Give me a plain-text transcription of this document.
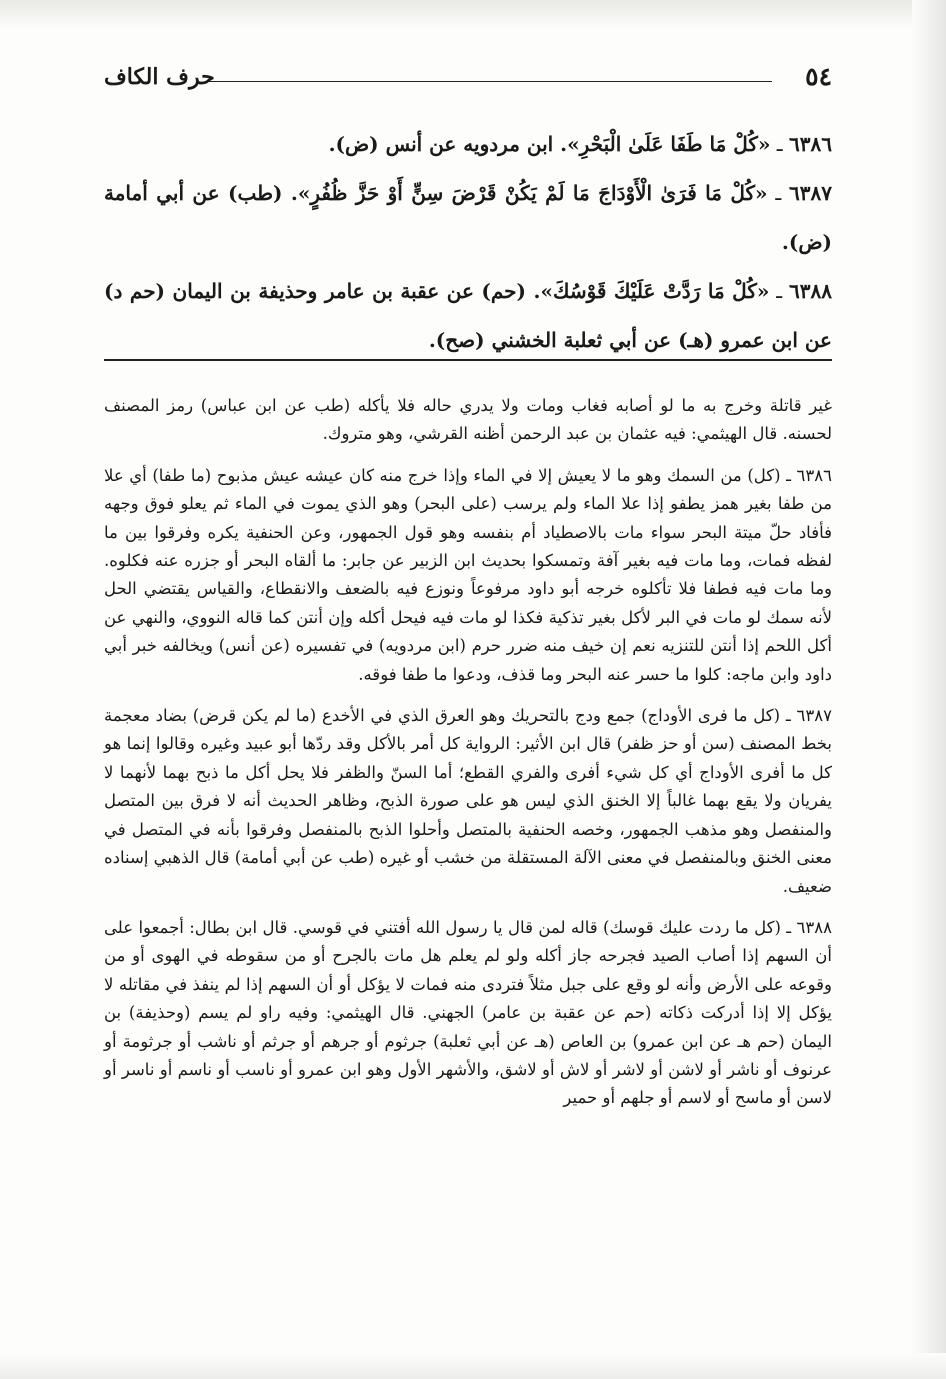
٥٤
حرف الكاف

٦٣٨٦ ـ «كُلْ مَا طَفَا عَلَىٰ الْبَحْرِ». ابن مردويه عن أنس (ض).

٦٣٨٧ ـ «كُلْ مَا فَرَىٰ الْأَوْدَاجَ مَا لَمْ يَكُنْ قَرْضَ سِنٍّ أَوْ حَزَّ ظُفُرٍ». (طب) عن أبي أمامة (ض).

٦٣٨٨ ـ «كُلْ مَا رَدَّتْ عَلَيْكَ قَوْسُكَ». (حم) عن عقبة بن عامر وحذيفة بن اليمان (حم د) عن ابن عمرو (هـ) عن أبي ثعلبة الخشني (صح).

غير قاتلة وخرج به ما لو أصابه فغاب ومات ولا يدري حاله فلا يأكله (طب عن ابن عباس) رمز المصنف لحسنه. قال الهيثمي: فيه عثمان بن عبد الرحمن أظنه القرشي، وهو متروك.

٦٣٨٦ ـ (كل) من السمك وهو ما لا يعيش إلا في الماء وإذا خرج منه كان عيشه عيش مذبوح (ما طفا) أي علا من طفا بغير همز يطفو إذا علا الماء ولم يرسب (على البحر) وهو الذي يموت في الماء ثم يعلو فوق وجهه فأفاد حلّ ميتة البحر سواء مات بالاصطياد أم بنفسه وهو قول الجمهور، وعن الحنفية يكره وفرقوا بين ما لفظه فمات، وما مات فيه بغير آفة وتمسكوا بحديث ابن الزبير عن جابر: ما ألقاه البحر أو جزره عنه فكلوه. وما مات فيه فطفا فلا تأكلوه خرجه أبو داود مرفوعاً ونوزع فيه بالضعف والانقطاع، والقياس يقتضي الحل لأنه سمك لو مات في البر لأكل بغير تذكية فكذا لو مات فيه فيحل أكله وإن أنتن كما قاله النووي، والنهي عن أكل اللحم إذا أنتن للتنزيه نعم إن خيف منه ضرر حرم (ابن مردويه) في تفسيره (عن أنس) ويخالفه خبر أبي داود وابن ماجه: كلوا ما حسر عنه البحر وما قذف، ودعوا ما طفا فوقه.

٦٣٨٧ ـ (كل ما فرى الأوداج) جمع ودج بالتحريك وهو العرق الذي في الأخدع (ما لم يكن قرض) بضاد معجمة بخط المصنف (سن أو حز ظفر) قال ابن الأثير: الرواية كل أمر بالأكل وقد ردّها أبو عبيد وغيره وقالوا إنما هو كل ما أفرى الأوداج أي كل شيء أفرى والفري القطع؛ أما السنّ والظفر فلا يحل أكل ما ذبح بهما لأنهما لا يفريان ولا يقع بهما غالباً إلا الخنق الذي ليس هو على صورة الذبح، وظاهر الحديث أنه لا فرق بين المتصل والمنفصل وهو مذهب الجمهور، وخصه الحنفية بالمتصل وأحلوا الذبح بالمنفصل وفرقوا بأنه في المتصل في معنى الخنق وبالمنفصل في معنى الآلة المستقلة من خشب أو غيره (طب عن أبي أمامة) قال الذهبي إسناده ضعيف.

٦٣٨٨ ـ (كل ما ردت عليك قوسك) قاله لمن قال يا رسول الله أفتني في قوسي. قال ابن بطال: أجمعوا على أن السهم إذا أصاب الصيد فجرحه جاز أكله ولو لم يعلم هل مات بالجرح أو من سقوطه في الهوى أو من وقوعه على الأرض وأنه لو وقع على جبل مثلاً فتردى منه فمات لا يؤكل أو أن السهم إذا لم ينفذ في مقاتله لا يؤكل إلا إذا أدركت ذكاته (حم عن عقبة بن عامر) الجهني. قال الهيثمي: وفيه راو لم يسم (وحذيفة) بن اليمان (حم هـ عن ابن عمرو) بن العاص (هـ عن أبي ثعلبة) جرثوم أو جرهم أو جرثم أو ناشب أو جرثومة أو عرنوف أو ناشر أو لاشن أو لاشر أو لاش أو لاشق، والأشهر الأول وهو ابن عمرو أو ناسب أو ناسم أو ناسر أو لاسن أو ماسح أو لاسم أو جلهم أو حمير
